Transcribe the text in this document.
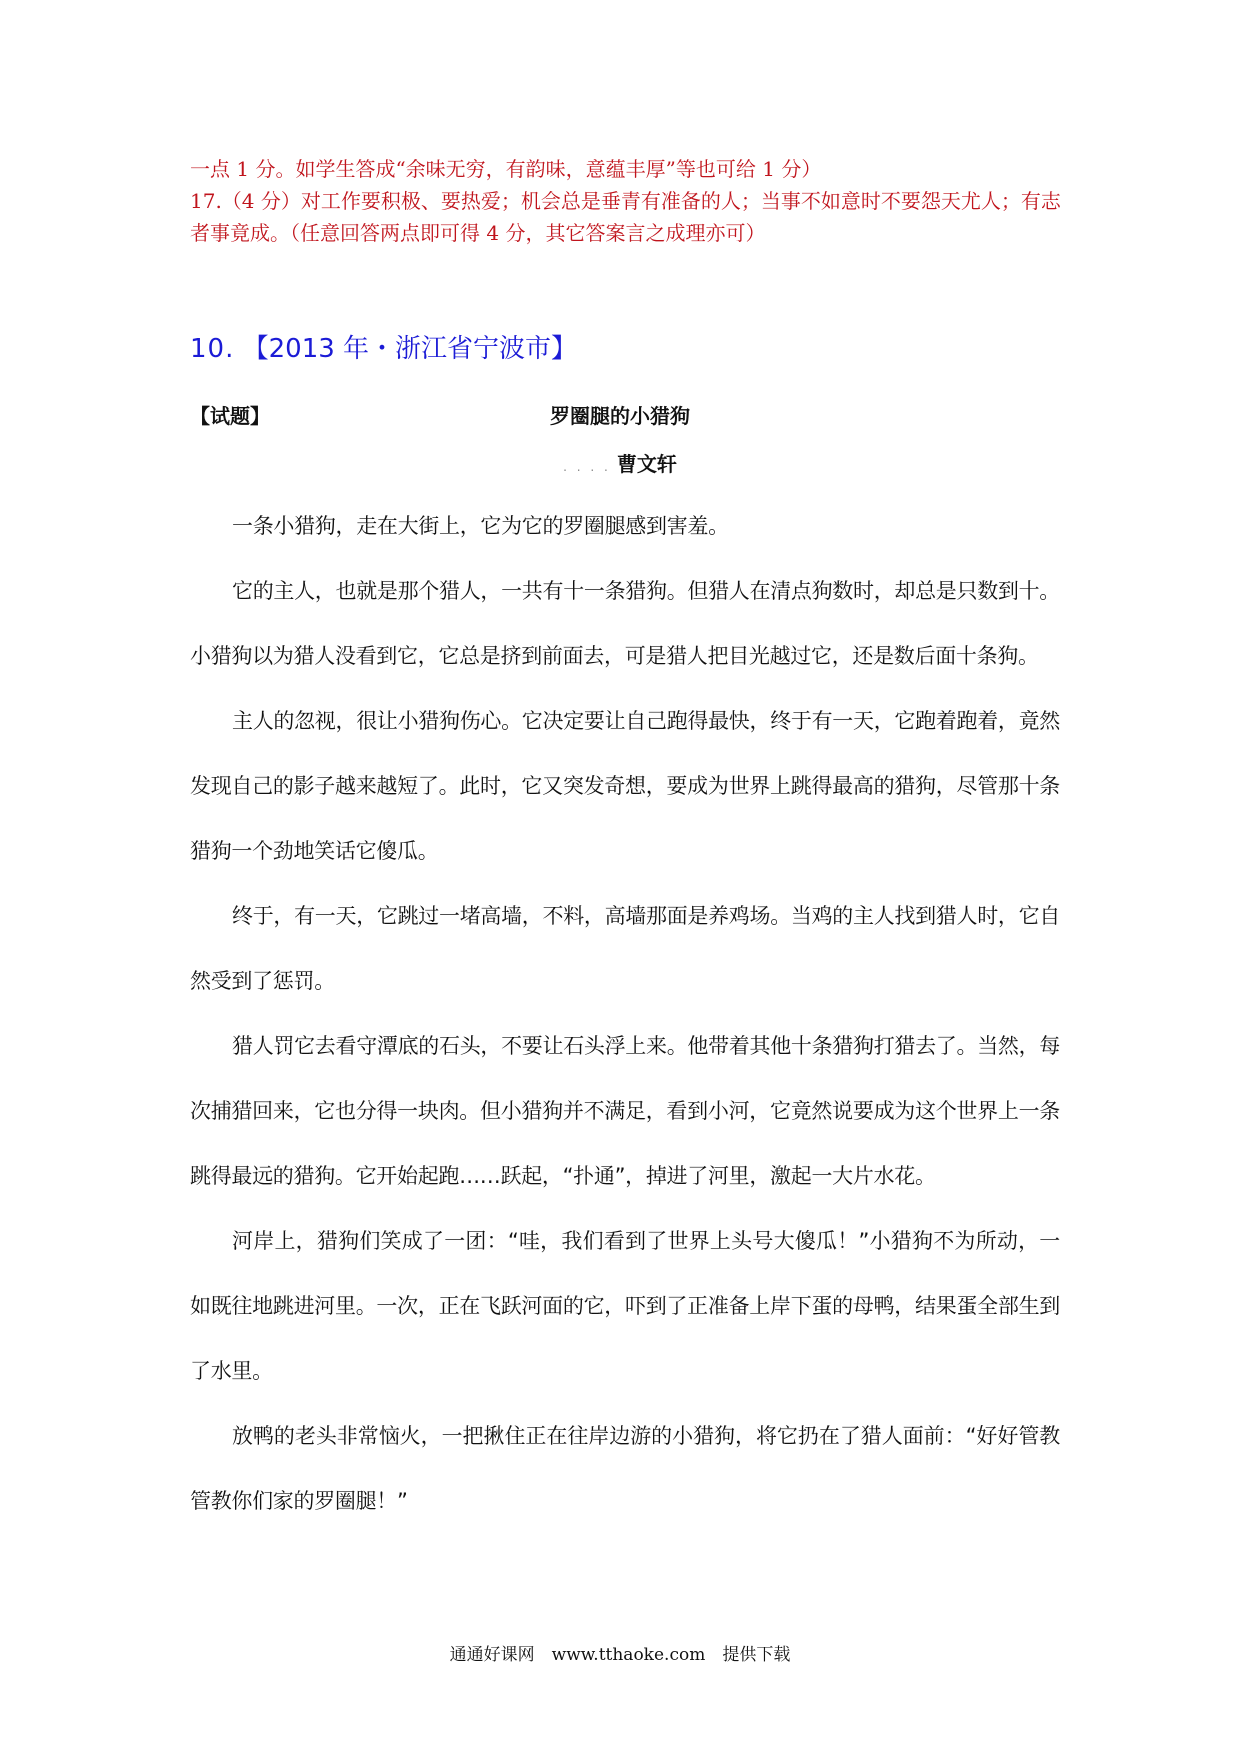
一点 1 分。如学生答成“余味无穷，有韵味，意蕴丰厚”等也可给 1 分）
17.（4 分）对工作要积极、要热爱；机会总是垂青有准备的人；当事不如意时不要怨天尤人；有志者事竟成。（任意回答两点即可得 4 分，其它答案言之成理亦可）
10. 【2013 年・浙江省宁波市】
【试题】	罗圈腿的小猎狗
. . . . 曹文轩

一条小猎狗，走在大街上，它为它的罗圈腿感到害羞。

它的主人，也就是那个猎人，一共有十一条猎狗。但猎人在清点狗数时，却总是只数到十。小猎狗以为猎人没看到它，它总是挤到前面去，可是猎人把目光越过它，还是数后面十条狗。

主人的忽视，很让小猎狗伤心。它决定要让自己跑得最快，终于有一天，它跑着跑着，竟然发现自己的影子越来越短了。此时，它又突发奇想，要成为世界上跳得最高的猎狗，尽管那十条猎狗一个劲地笑话它傻瓜。

终于，有一天，它跳过一堵高墙，不料，高墙那面是养鸡场。当鸡的主人找到猎人时，它自然受到了惩罚。

猎人罚它去看守潭底的石头，不要让石头浮上来。他带着其他十条猎狗打猎去了。当然，每次捕猎回来，它也分得一块肉。但小猎狗并不满足，看到小河，它竟然说要成为这个世界上一条跳得最远的猎狗。它开始起跑……跃起，“扑通”，掉进了河里，激起一大片水花。

河岸上，猎狗们笑成了一团：“哇，我们看到了世界上头号大傻瓜！”小猎狗不为所动，一如既往地跳进河里。一次，正在飞跃河面的它，吓到了正准备上岸下蛋的母鸭，结果蛋全部生到了水里。

放鸭的老头非常恼火，一把揪住正在往岸边游的小猎狗，将它扔在了猎人面前：“好好管教管教你们家的罗圈腿！”

通通好课网　www.tthaoke.com　提供下载
